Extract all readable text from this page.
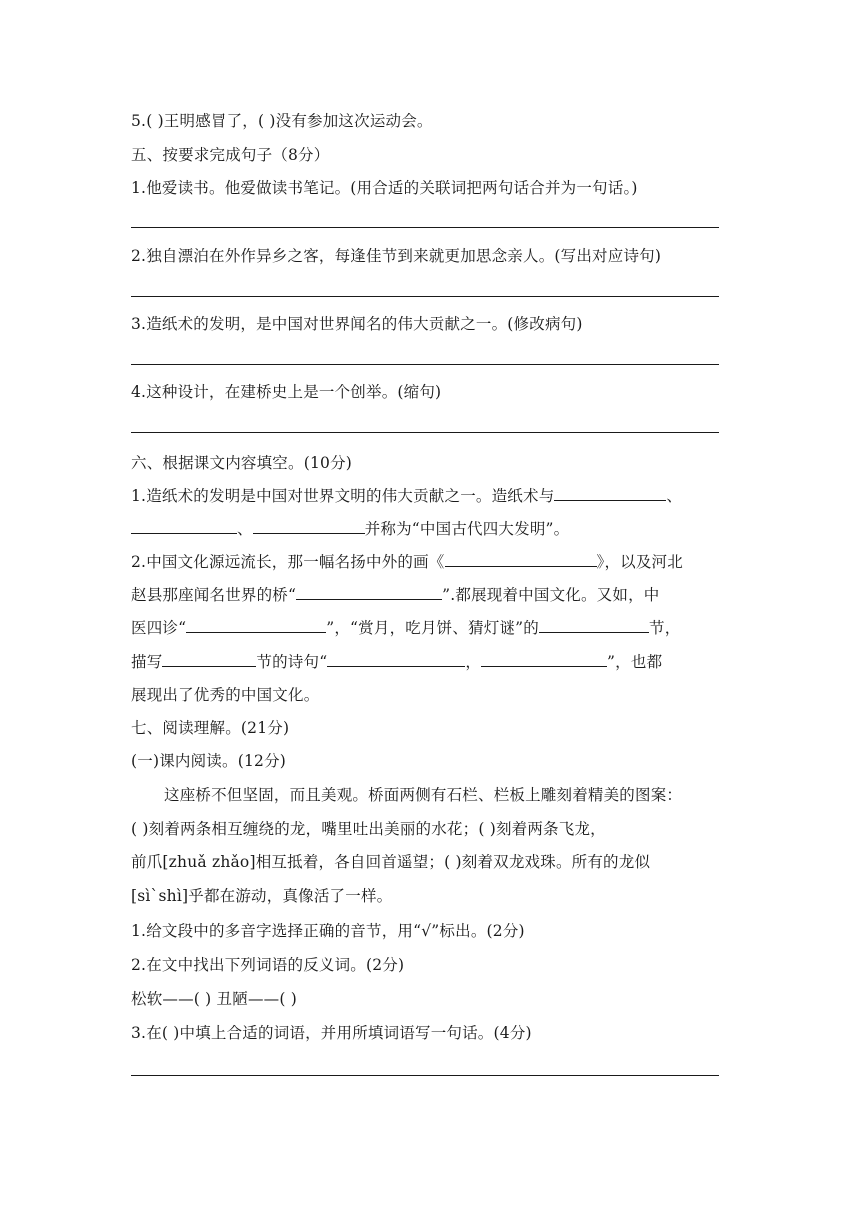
5.( )王明感冒了，( )没有参加这次运动会。
五、按要求完成句子（8分）
1.他爱读书。他爱做读书笔记。(用合适的关联词把两句话合并为一句话。)
2.独自漂泊在外作异乡之客，每逢佳节到来就更加思念亲人。(写出对应诗句)
3.造纸术的发明，是中国对世界闻名的伟大贡献之一。(修改病句)
4.这种设计，在建桥史上是一个创举。(缩句)
六、根据课文内容填空。(10分)
1.造纸术的发明是中国对世界文明的伟大贡献之一。造纸术与	、
、	并称为“中国古代四大发明”。
2.中国文化源远流长，那一幅名扬中外的画《	》，以及河北
赵县那座闻名世界的桥“	”.都展现着中国文化。又如，中
医四诊“	”，“赏月，吃月饼、猜灯谜”的	节，
描写	节的诗句“	，	”，也都
展现出了优秀的中国文化。
七、阅读理解。(21分)
(一)课内阅读。(12分)
这座桥不但坚固，而且美观。桥面两侧有石栏、栏板上雕刻着精美的图案：
( )刻着两条相互缠绕的龙，嘴里吐出美丽的水花；( )刻着两条飞龙，
前爪[zhuǎ zhǎo]相互抵着，各自回首遥望；( )刻着双龙戏珠。所有的龙似
[sì`shì]乎都在游动，真像活了一样。
1.给文段中的多音字选择正确的音节，用“√”标出。(2分)
2.在文中找出下列词语的反义词。(2分)
松软——( ) 丑陋——( )
3.在( )中填上合适的词语，并用所填词语写一句话。(4分)
